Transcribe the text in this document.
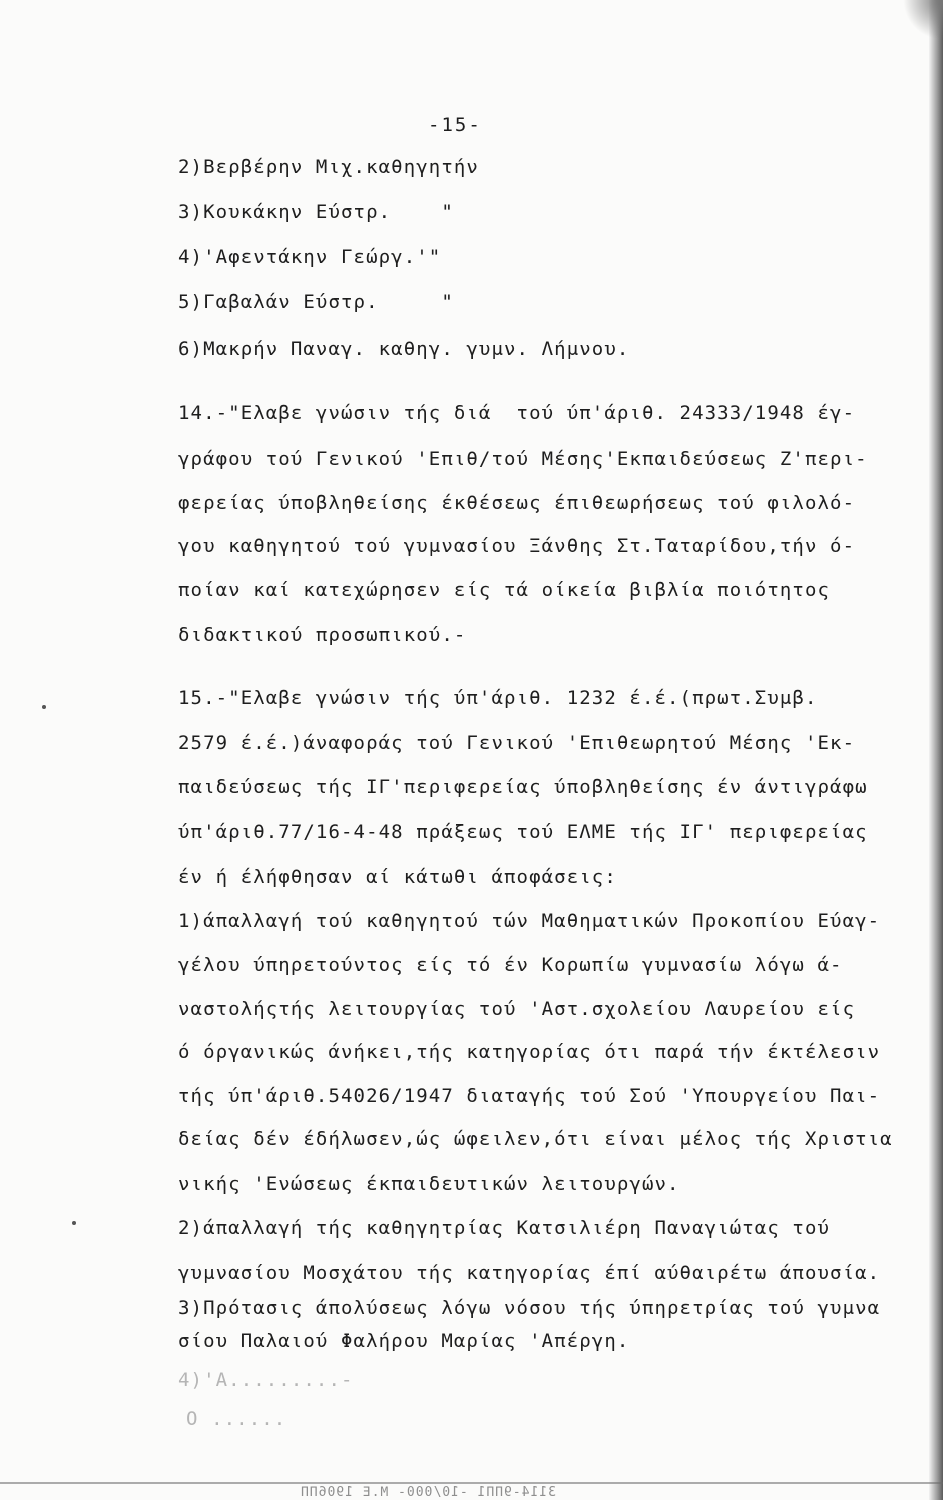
-15-
2)Βερβέρην Μιχ.καθηγητήν
3)Κουκάκην Εύστρ.    "
4)'Αφεντάκην Γεώργ.'"
5)Γαβαλάν Εύστρ.     "
6)Μακρήν Παναγ. καθηγ. γυμν. Λήμνου.
14.-"Ελαβε γνώσιν τής διά  τού ύπ'άριθ. 24333/1948 έγ-
γράφου τού Γενικού 'Επιθ/τού Μέσης'Εκπαιδεύσεως Ζ'περι-
φερείας ύποβληθείσης έκθέσεως έπιθεωρήσεως τού φιλολό-
γου καθηγητού τού γυμνασίου Ξάνθης Στ.Ταταρίδου,τήν ό-
ποίαν καί κατεχώρησεν είς τά οίκεία βιβλία ποιότητος
διδακτικού προσωπικού.-
15.-"Ελαβε γνώσιν τής ύπ'άριθ. 1232 έ.έ.(πρωτ.Συμβ.
2579 έ.έ.)άναφοράς τού Γενικού 'Επιθεωρητού Μέσης 'Εκ-
παιδεύσεως τής ΙΓ'περιφερείας ύποβληθείσης έν άντιγράφω
ύπ'άριθ.77/16-4-48 πράξεως τού ΕΛΜΕ τής ΙΓ' περιφερείας
έν ή έλήφθησαν αί κάτωθι άποφάσεις:
1)άπαλλαγή τού καθηγητού τών Μαθηματικών Προκοπίου Εύαγ-
γέλου ύπηρετούντος είς τό έν Κορωπίω γυμνασίω λόγω ά-
ναστολήςτής λειτουργίας τού 'Αστ.σχολείου Λαυρείου είς
ό όργανικώς άνήκει,τής κατηγορίας ότι παρά τήν έκτέλεσιν
τής ύπ'άριθ.54026/1947 διαταγής τού Σού 'Υπουργείου Παι-
δείας δέν έδήλωσεν,ώς ώφειλεν,ότι είναι μέλος τής Χριστια
νικής 'Ενώσεως έκπαιδευτικών λειτουργών.
2)άπαλλαγή τής καθηγητρίας Κατσιλιέρη Παναγιώτας τού
γυμνασίου Μοσχάτου τής κατηγορίας έπί αύθαιρέτω άπουσία.
3)Πρότασις άπολύσεως λόγω νόσου τής ύπηρετρίας τού γυμνα
σίου Παλαιού Φαλήρου Μαρίας 'Απέργη.
4)'Α.........-
Ο ......
3114-9ΠΠ1 -10/000- Μ.Ε 1906ΠΠ
